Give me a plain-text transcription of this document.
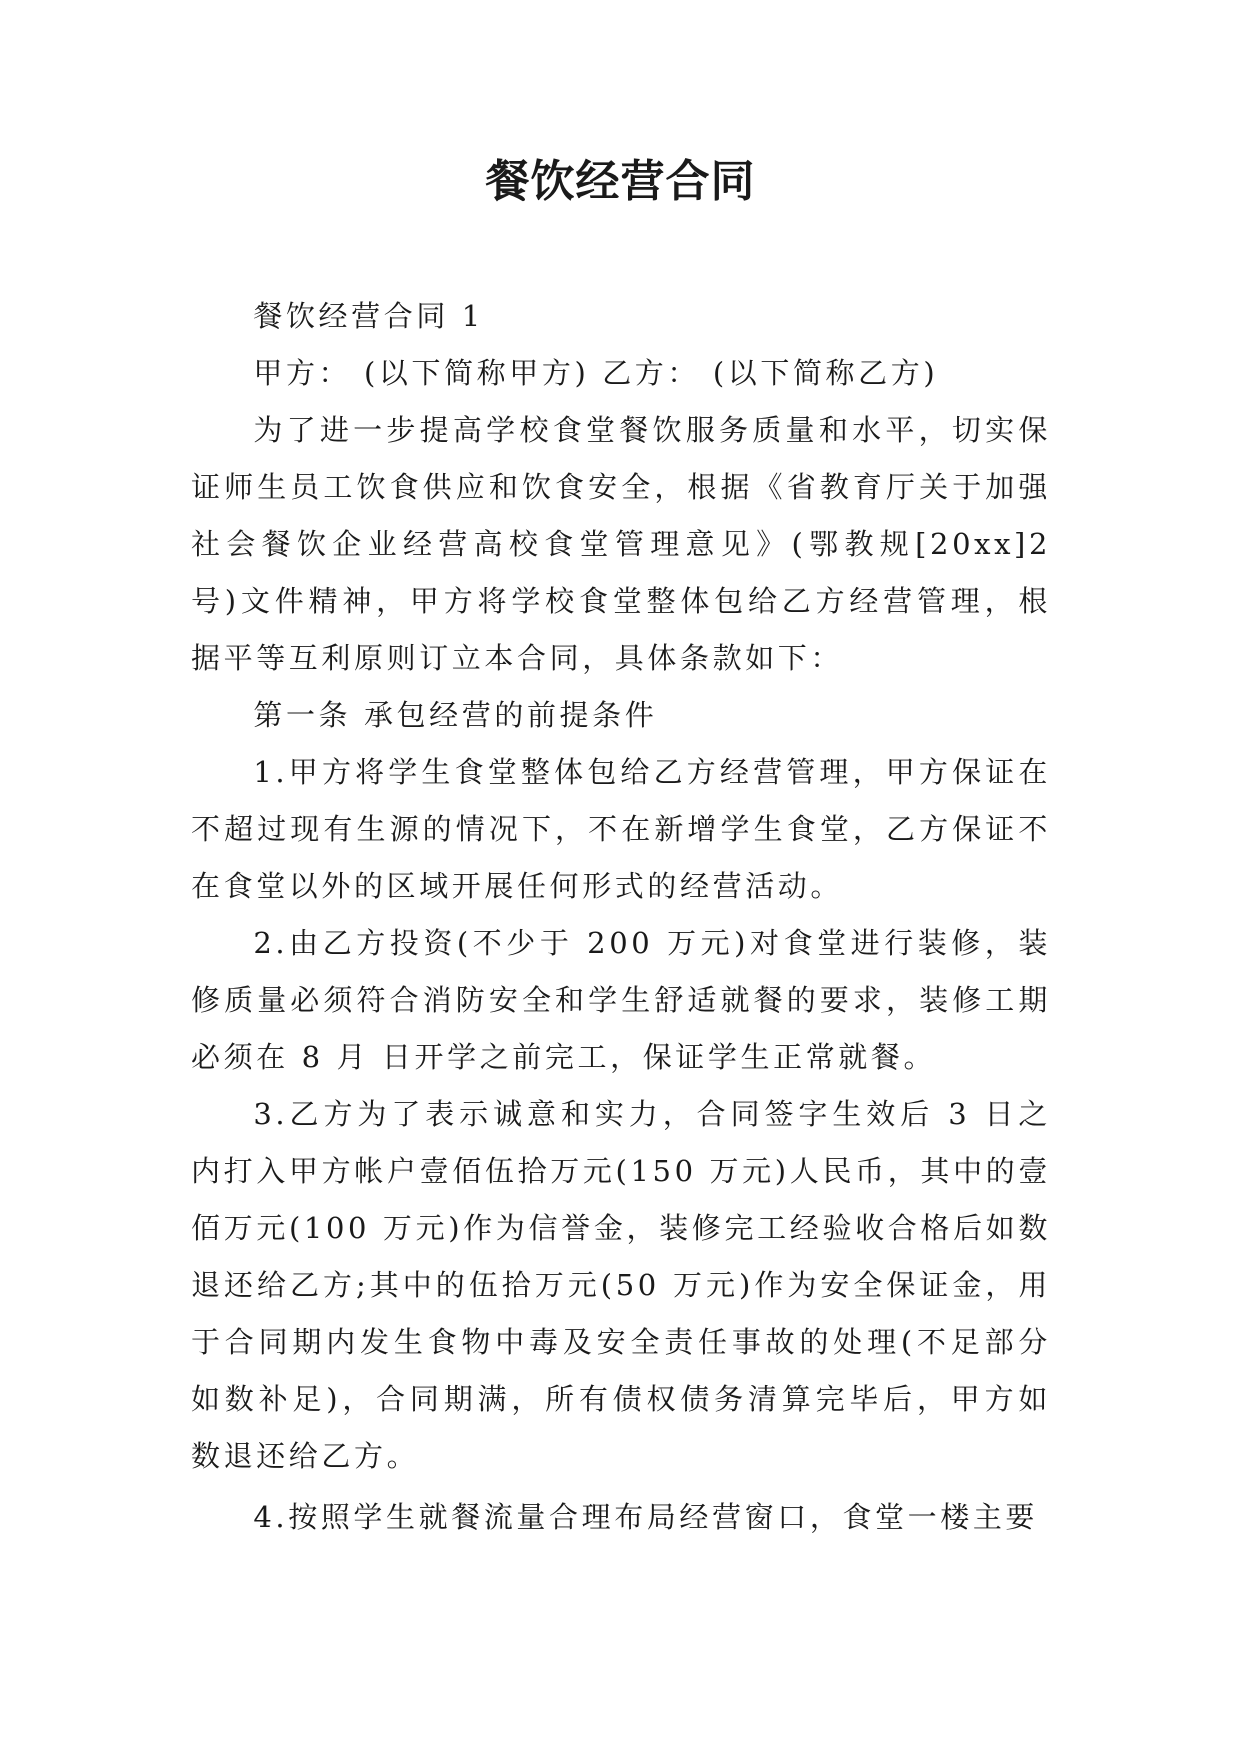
餐饮经营合同

餐饮经营合同 1

甲方： (以下简称甲方) 乙方： (以下简称乙方)

为了进一步提高学校食堂餐饮服务质量和水平，切实保证师生员工饮食供应和饮食安全，根据《省教育厅关于加强社会餐饮企业经营高校食堂管理意见》(鄂教规[20xx]2 号)文件精神，甲方将学校食堂整体包给乙方经营管理，根据平等互利原则订立本合同，具体条款如下：

第一条 承包经营的前提条件

1.甲方将学生食堂整体包给乙方经营管理，甲方保证在不超过现有生源的情况下，不在新增学生食堂，乙方保证不在食堂以外的区域开展任何形式的经营活动。

2.由乙方投资(不少于 200 万元)对食堂进行装修，装修质量必须符合消防安全和学生舒适就餐的要求，装修工期必须在 8 月 日开学之前完工，保证学生正常就餐。

3.乙方为了表示诚意和实力，合同签字生效后 3 日之内打入甲方帐户壹佰伍拾万元(150 万元)人民币，其中的壹佰万元(100 万元)作为信誉金，装修完工经验收合格后如数退还给乙方;其中的伍拾万元(50 万元)作为安全保证金，用于合同期内发生食物中毒及安全责任事故的处理(不足部分如数补足)，合同期满，所有债权债务清算完毕后，甲方如数退还给乙方。

4.按照学生就餐流量合理布局经营窗口，食堂一楼主要
